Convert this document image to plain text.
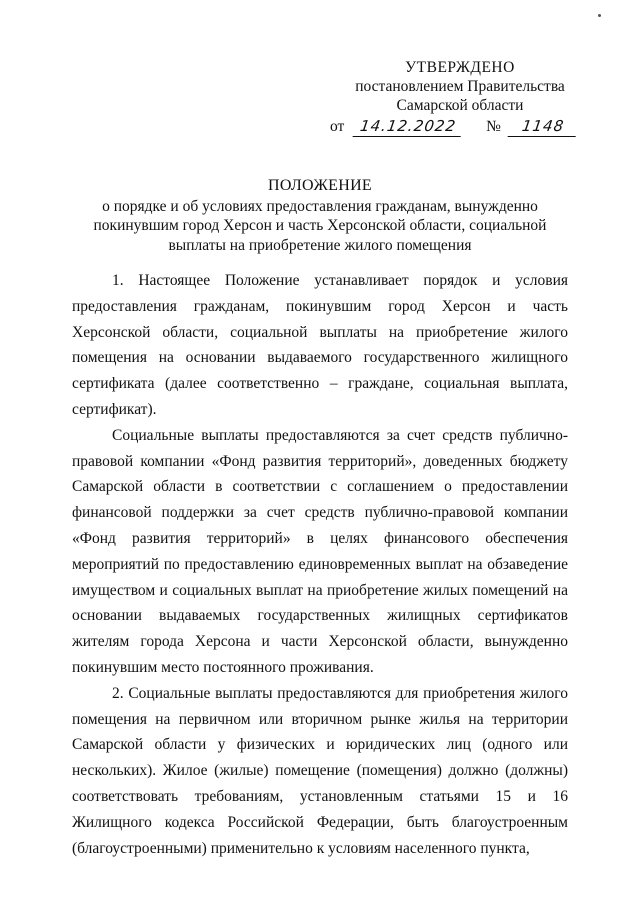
УТВЕРЖДЕНО
постановлением Правительства
Самарской области
от 14.12.2022 № 1148
ПОЛОЖЕНИЕ
о порядке и об условиях предоставления гражданам, вынужденно
покинувшим город Херсон и часть Херсонской области, социальной
выплаты на приобретение жилого помещения

1. Настоящее Положение устанавливает порядок и условия предоставления гражданам, покинувшим город Херсон и часть Херсонской области, социальной выплаты на приобретение жилого помещения на основании выдаваемого государственного жилищного сертификата (далее соответственно – граждане, социальная выплата, сертификат).

Социальные выплаты предоставляются за счет средств публично-правовой компании «Фонд развития территорий», доведенных бюджету Самарской области в соответствии с соглашением о предоставлении финансовой поддержки за счет средств публично-правовой компании «Фонд развития территорий» в целях финансового обеспечения мероприятий по предоставлению единовременных выплат на обзаведение имуществом и социальных выплат на приобретение жилых помещений на основании выдаваемых государственных жилищных сертификатов жителям города Херсона и части Херсонской области, вынужденно покинувшим место постоянного проживания.

2. Социальные выплаты предоставляются для приобретения жилого помещения на первичном или вторичном рынке жилья на территории Самарской области у физических и юридических лиц (одного или нескольких). Жилое (жилые) помещение (помещения) должно (должны) соответствовать требованиям, установленным статьями 15 и 16 Жилищного кодекса Российской Федерации, быть благоустроенным (благоустроенными) применительно к условиям населенного пункта,
